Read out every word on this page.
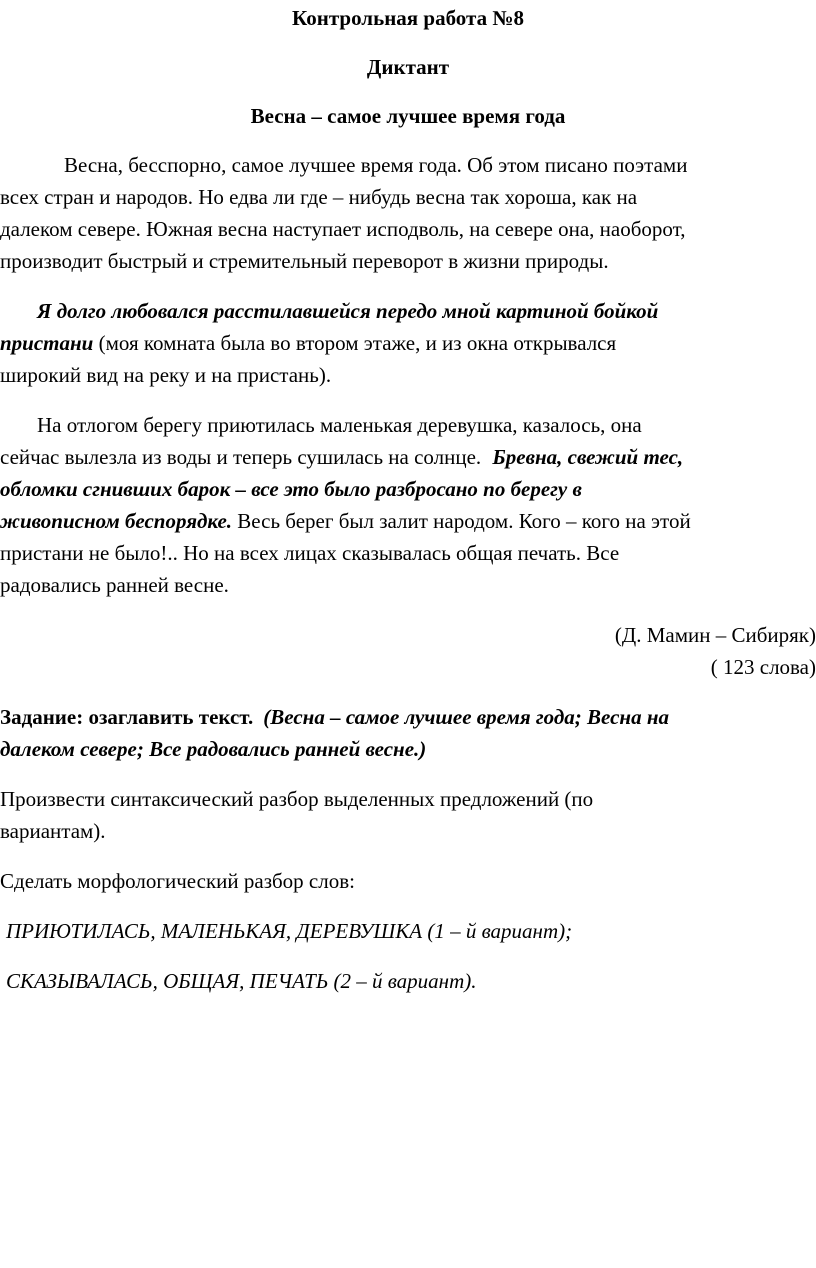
Контрольная работа №8
Диктант
Весна – самое лучшее время года
Весна, бесспорно, самое лучшее время года. Об этом писано поэтами
всех стран и народов. Но едва ли где – нибудь весна так хороша, как на
далеком севере. Южная весна наступает исподволь, на севере она, наоборот,
производит быстрый и стремительный переворот в жизни природы.
Я долго любовался расстилавшейся передо мной картиной бойкой
пристани (моя комната была во втором этаже, и из окна открывался
широкий вид на реку и на пристань).
На отлогом берегу приютилась маленькая деревушка, казалось, она
сейчас вылезла из воды и теперь сушилась на солнце. Бревна, свежий тес,
обломки сгнивших барок – все это было разбросано по берегу в
живописном беспорядке. Весь берег был залит народом. Кого – кого на этой
пристани не было!.. Но на всех лицах сказывалась общая печать. Все
радовались ранней весне.
(Д. Мамин – Сибиряк)
( 123 слова)
Задание: озаглавить текст. (Весна – самое лучшее время года; Весна на
далеком севере; Все радовались ранней весне.)
Произвести синтаксический разбор выделенных предложений (по
вариантам).
Сделать морфологический разбор слов:
ПРИЮТИЛАСЬ, МАЛЕНЬКАЯ, ДЕРЕВУШКА (1 – й вариант);
СКАЗЫВАЛАСЬ, ОБЩАЯ, ПЕЧАТЬ (2 – й вариант).
